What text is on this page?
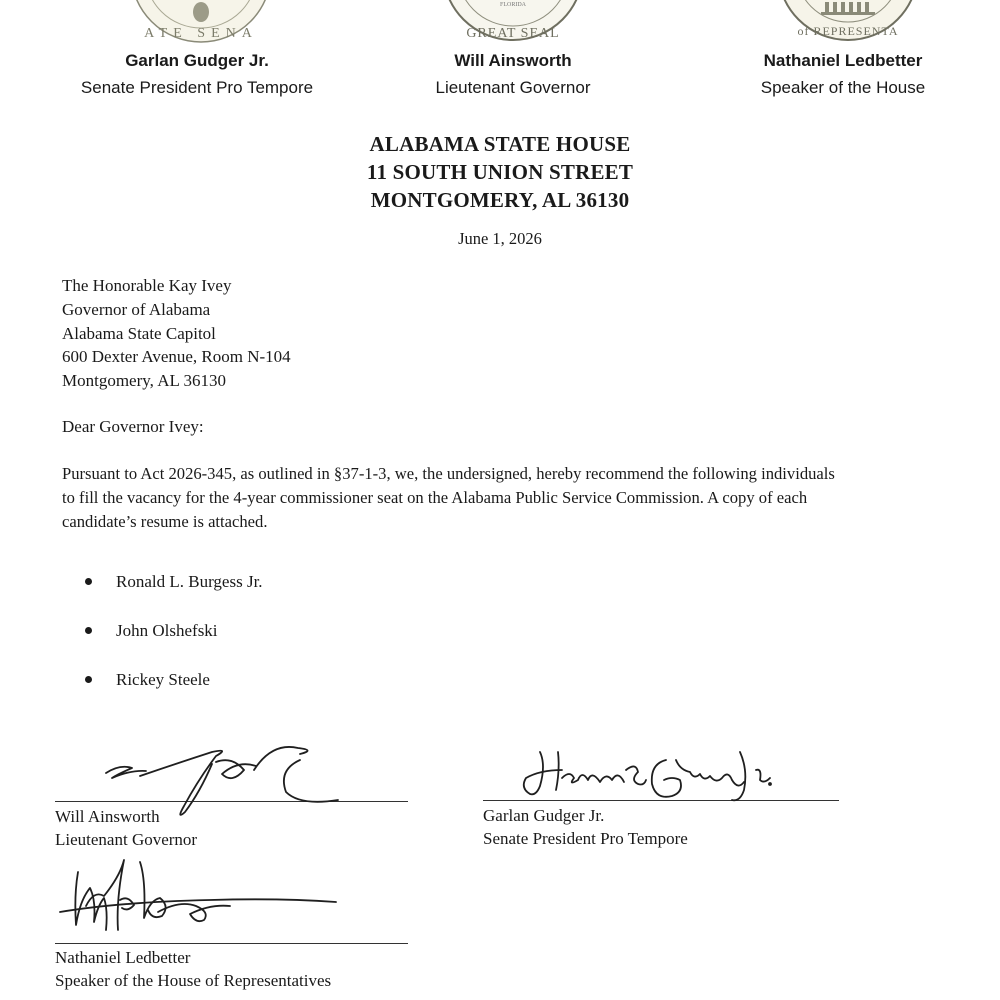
ATE SENA
FLORIDA
GREAT SEAL	of REPRESENTA
Garlan Gudger Jr.
Senate President Pro Tempore
Will Ainsworth
Lieutenant Governor
Nathaniel Ledbetter
Speaker of the House
ALABAMA STATE HOUSE
11 SOUTH UNION STREET
MONTGOMERY, AL 36130
June 1, 2026
The Honorable Kay Ivey
Governor of Alabama
Alabama State Capitol
600 Dexter Avenue, Room N-104
Montgomery, AL 36130
Dear Governor Ivey:
Pursuant to Act 2026-345, as outlined in §37-1-3, we, the undersigned, hereby recommend the following individuals
to fill the vacancy for the 4-year commissioner seat on the Alabama Public Service Commission. A copy of each
candidate’s resume is attached.
Ronald L. Burgess Jr.
John Olshefski
Rickey Steele
Will Ainsworth
Lieutenant Governor
Garlan Gudger Jr.
Senate President Pro Tempore
Nathaniel Ledbetter
Speaker of the House of Representatives
